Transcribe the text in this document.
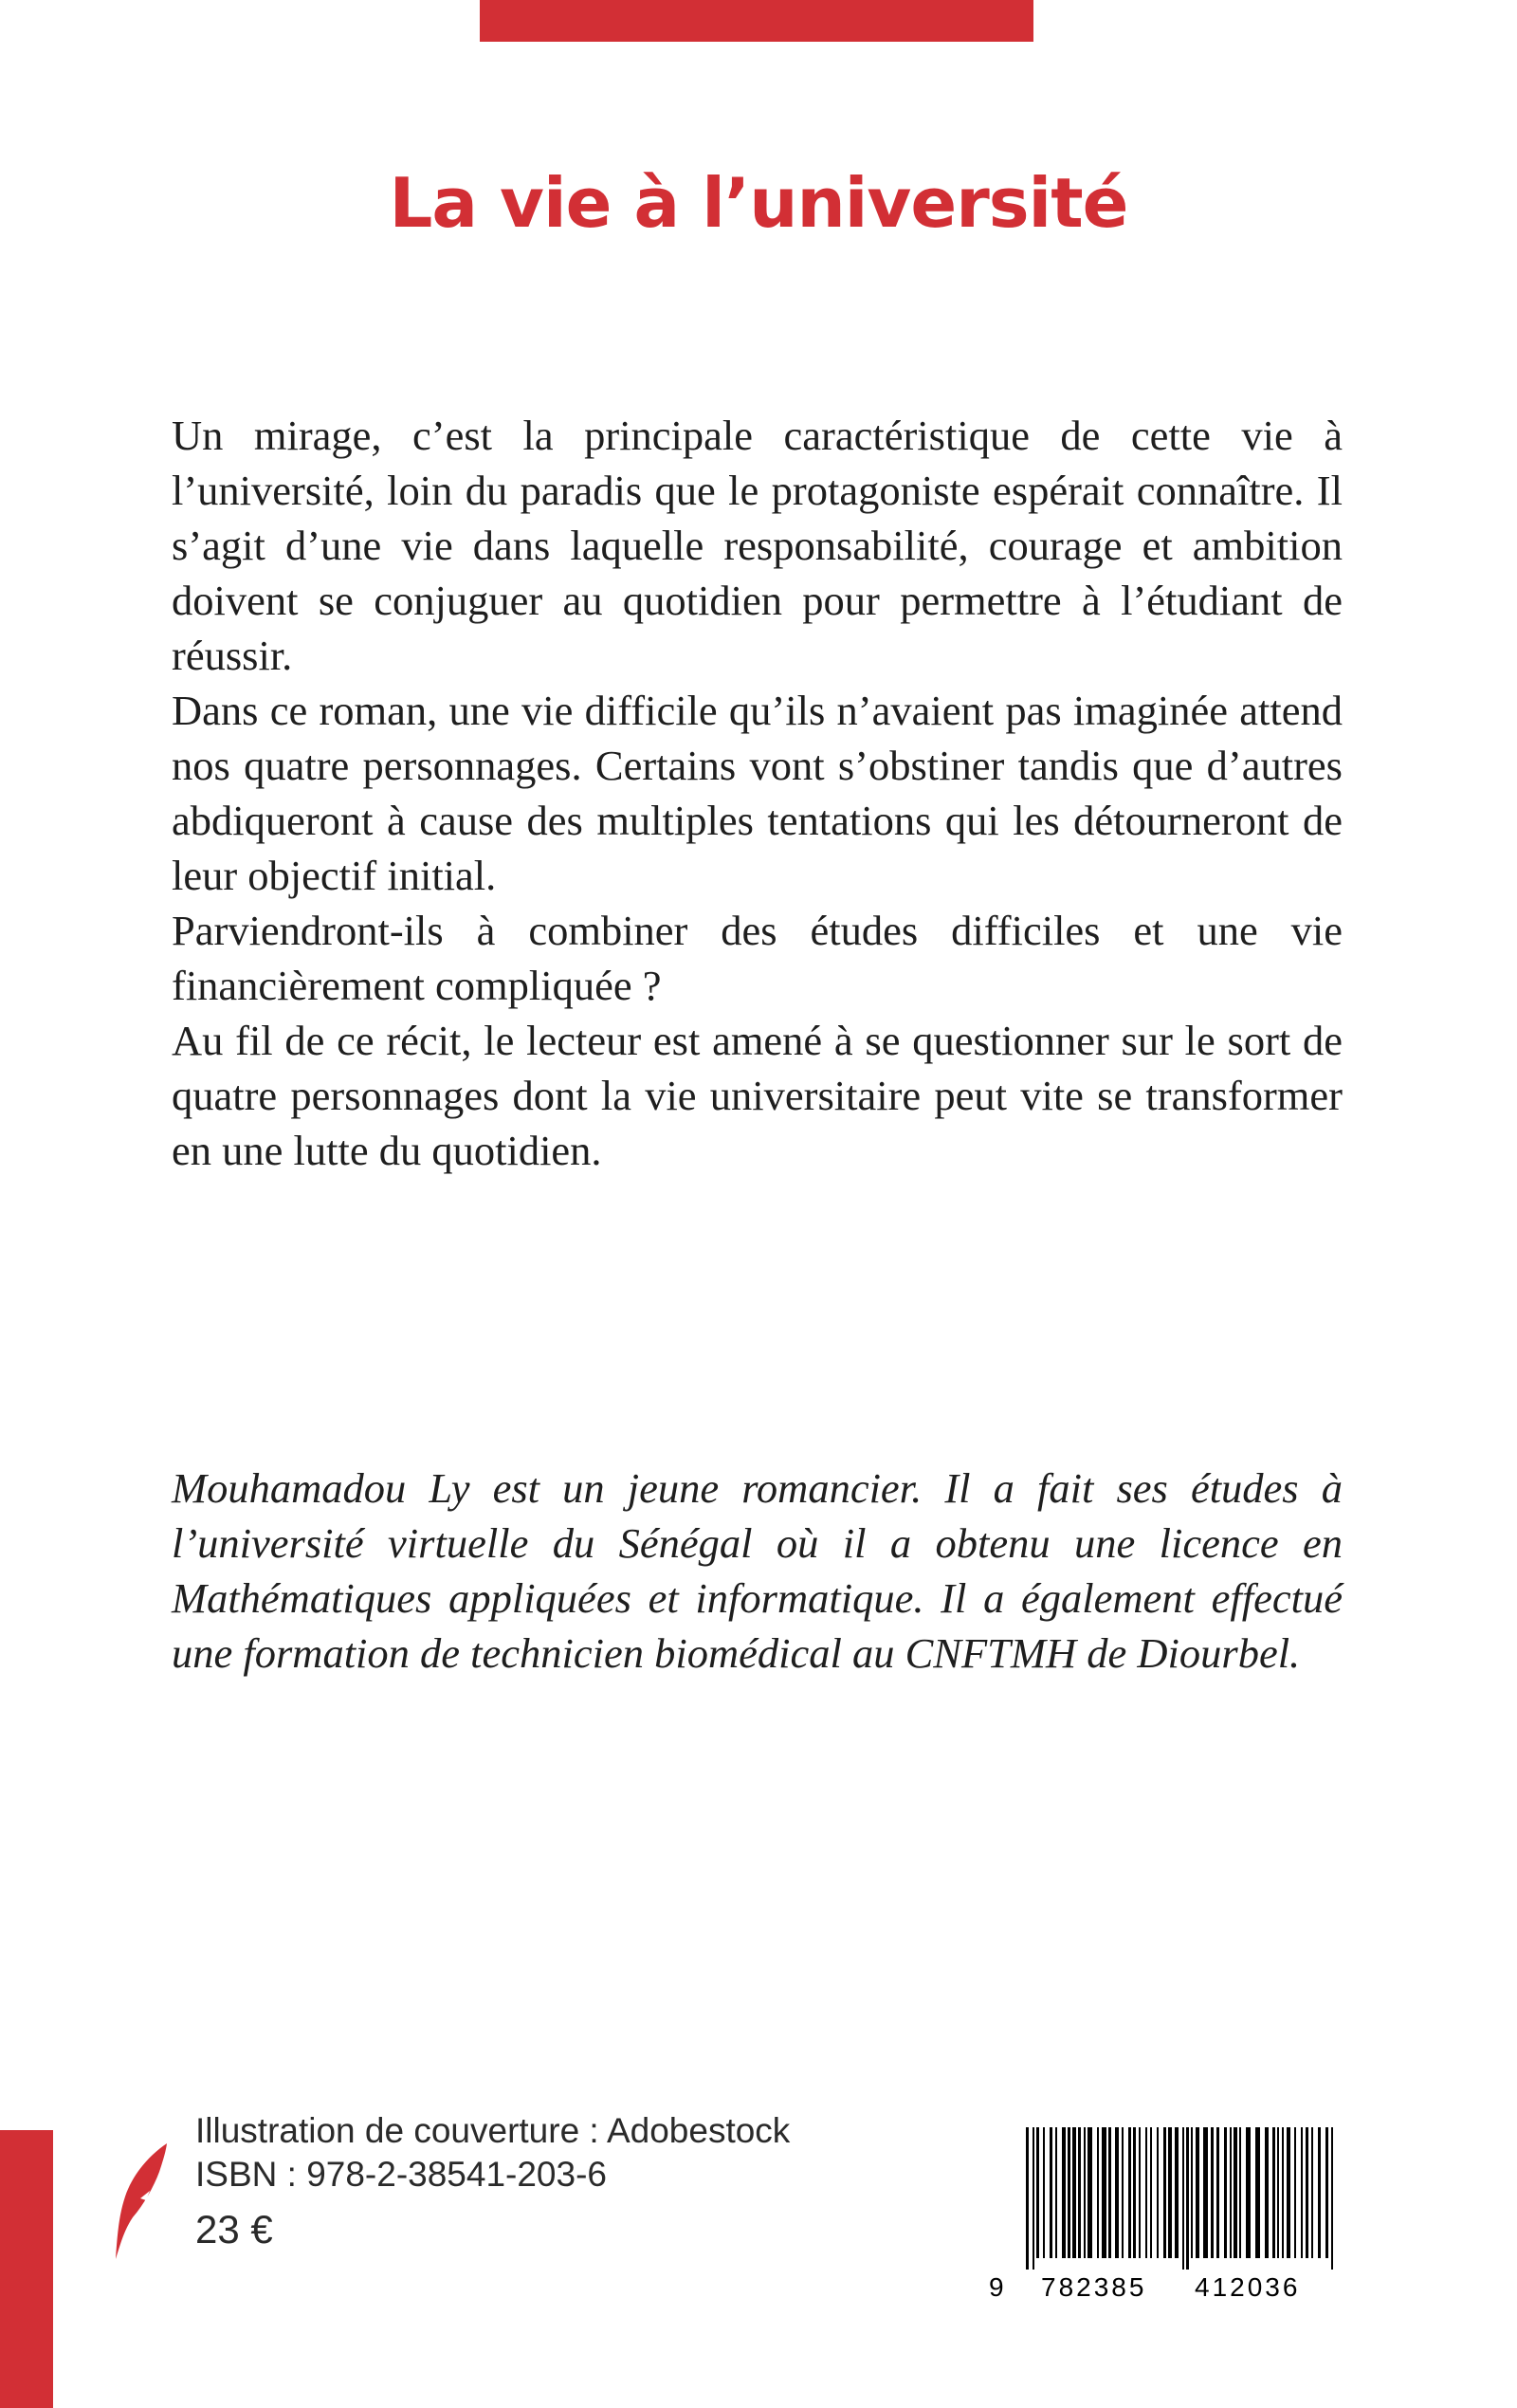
La vie à l’université

Un mirage, c’est la principale caractéristique de cette vie à l’université, loin du paradis que le protagoniste espérait connaître. Il s’agit d’une vie dans laquelle responsabilité, courage et ambition doivent se conjuguer au quotidien pour permettre à l’étudiant de réussir.

Dans ce roman, une vie difficile qu’ils n’avaient pas imaginée attend nos quatre personnages. Certains vont s’obstiner tandis que d’autres abdiqueront à cause des multiples tentations qui les détourneront de leur objectif initial.

Parviendront-ils à combiner des études difficiles et une vie financièrement compliquée ?

Au fil de ce récit, le lecteur est amené à se questionner sur le sort de quatre personnages dont la vie universitaire peut vite se transformer en une lutte du quotidien.

Mouhamadou Ly est un jeune romancier. Il a fait ses études à l’université virtuelle du Sénégal où il a obtenu une licence en Mathématiques appliquées et informatique. Il a également effectué une formation de technicien biomédical au CNFTMH de Diourbel.

Illustration de couverture : Adobestock
ISBN : 978-2-38541-203-6
23 €
9 782385 412036
